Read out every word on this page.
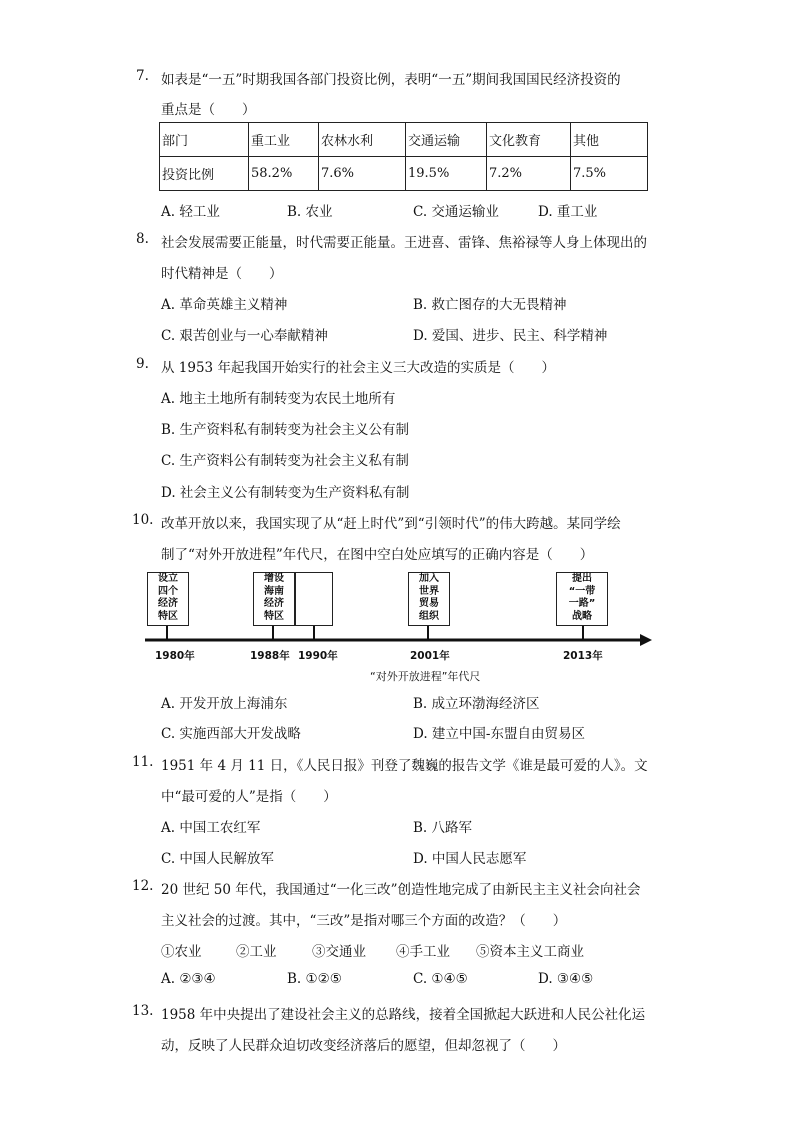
7. 如表是“一五”时期我国各部门投资比例，表明“一五”期间我国国民经济投资的
重点是（　　）
部门	重工业	农林水利	交通运输	文化教育	其他
投资比例	58.2%	7.6%	19.5%	7.2%	7.5%
A. 轻工业	B. 农业	C. 交通运输业	D. 重工业
8. 社会发展需要正能量，时代需要正能量。王进喜、雷锋、焦裕禄等人身上体现出的
时代精神是（　　）
A. 革命英雄主义精神	B. 救亡图存的大无畏精神
C. 艰苦创业与一心奉献精神	D. 爱国、进步、民主、科学精神
9. 从 1953 年起我国开始实行的社会主义三大改造的实质是（　　）
A. 地主土地所有制转变为农民土地所有
B. 生产资料私有制转变为社会主义公有制
C. 生产资料公有制转变为社会主义私有制
D. 社会主义公有制转变为生产资料私有制
10. 改革开放以来，我国实现了从“赶上时代”到“引领时代”的伟大跨越。某同学绘
制了“对外开放进程”年代尺，在图中空白处应填写的正确内容是（　　）
设立
四个
经济
特区
增设
海南
经济
特区
加入
世界
贸易
组织
提出
“一带
一路”
战略
1980年	1988年 1990年	2001年	2013年
“对外开放进程”年代尺
A. 开发开放上海浦东	B. 成立环渤海经济区
C. 实施西部大开发战略	D. 建立中国-东盟自由贸易区
11. 1951 年 4 月 11 日，《人民日报》刊登了魏巍的报告文学《谁是最可爱的人》。文
中“最可爱的人”是指（　　）
A. 中国工农红军	B. 八路军
C. 中国人民解放军	D. 中国人民志愿军
12. 20 世纪 50 年代，我国通过“一化三改”创造性地完成了由新民主主义社会向社会
主义社会的过渡。其中，“三改”是指对哪三个方面的改造？（　　）
①农业	②工业	③交通业 ④手工业 ⑤资本主义工商业
A. ②③④	B. ①②⑤	C. ①④⑤	D. ③④⑤
13. 1958 年中央提出了建设社会主义的总路线，接着全国掀起大跃进和人民公社化运
动，反映了人民群众迫切改变经济落后的愿望，但却忽视了（　　）
